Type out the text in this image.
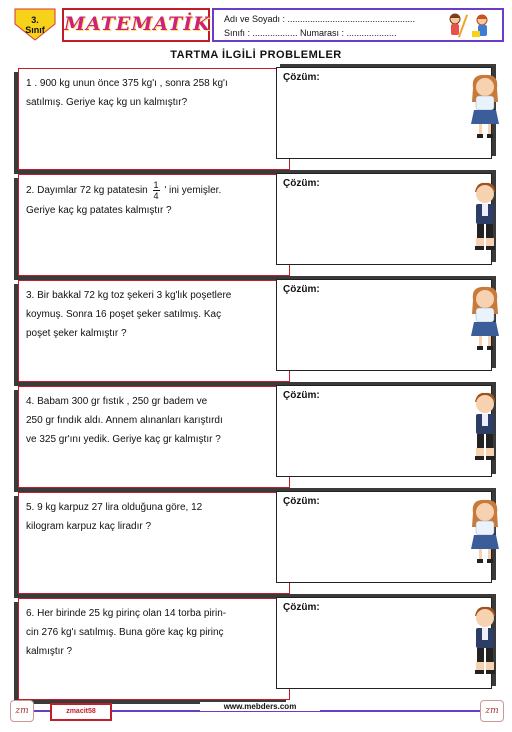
3.
Sınıf	MATEMATİK Adı ve Soyadı : ...................................................
Sınıfı : .................. Numarası : ....................
TARTMA İLGİLİ PROBLEMLER
1 . 900 kg unun önce 375 kg'ı , sonra 258 kg'ı
satılmış. Geriye kaç kg un kalmıştır?
Çözüm:
2. Dayımlar 72 kg patatesin $\frac{1}{4}$ ' ini yemişler.
Geriye kaç kg patates kalmıştır ?
Çözüm:
3. Bir bakkal 72 kg toz şekeri 3 kg'lık poşetlere
koymuş. Sonra 16 poşet şeker satılmış. Kaç
poşet şeker kalmıştır ?
Çözüm:
4. Babam 300 gr fıstık , 250 gr badem ve
250 gr fındık aldı. Annem alınanları karıştırdı
ve 325 gr'ını yedik. Geriye kaç gr kalmıştır ?
Çözüm:
5. 9 kg karpuz 27 lira olduğuna göre, 12
kilogram karpuz kaç liradır ?
Çözüm:
6. Her birinde 25 kg pirinç olan 14 torba pirin-
cin 276 kg'ı satılmış. Buna göre kaç kg pirinç
kalmıştır ?
Çözüm:
zm	zmacit58
www.mebders.com	zm
